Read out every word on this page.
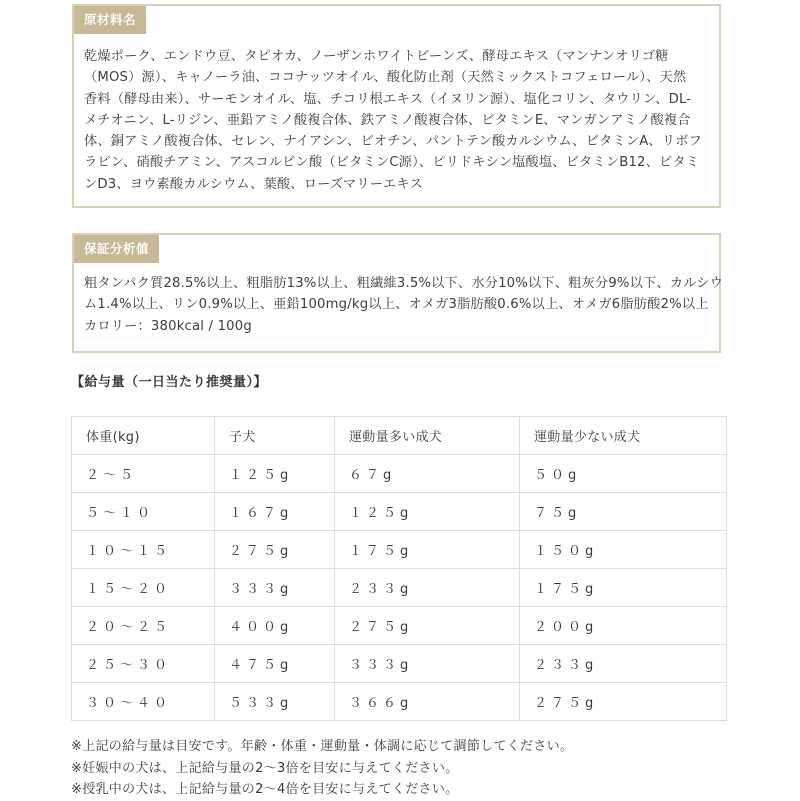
原材料名
乾燥ポーク、エンドウ豆、タピオカ、ノーザンホワイトビーンズ、酵母エキス（マンナンオリゴ糖
（MOS）源）、キャノーラ油、ココナッツオイル、酸化防止剤（天然ミックストコフェロール）、天然
香料（酵母由来）、サーモンオイル、塩、チコリ根エキス（イヌリン源）、塩化コリン、タウリン、DL-
メチオニン、L-リジン、亜鉛アミノ酸複合体、鉄アミノ酸複合体、ビタミンE、マンガンアミノ酸複合
体、銅アミノ酸複合体、セレン、ナイアシン、ビオチン、パントテン酸カルシウム、ビタミンA、リボフ
ラビン、硝酸チアミン、アスコルビン酸（ビタミンC源）、ピリドキシン塩酸塩、ビタミンB12、ビタミ
ンD3、ヨウ素酸カルシウム、葉酸、ローズマリーエキス
保証分析値
粗タンパク質28.5%以上、粗脂肪13%以上、粗繊維3.5%以下、水分10%以下、粗灰分9%以下、カルシウ
ム1.4%以上、リン0.9%以上、亜鉛100mg/kg以上、オメガ3脂肪酸0.6%以上、オメガ6脂肪酸2%以上
カロリー：380kcal / 100g
【給与量（一日当たり推奨量）】
体重(kg)	子犬	運動量多い成犬	運動量少ない成犬
２～５	１２５g	６７g	５０g
５～１０	１６７g	１２５g	７５g
１０～１５	２７５g	１７５g	１５０g
１５～２０	３３３g	２３３g	１７５g
２０～２５	４００g	２７５g	２００g
２５～３０	４７５g	３３３g	２３３g
３０～４０	５３３g	３６６g	２７５g
※上記の給与量は目安です。年齢・体重・運動量・体調に応じて調節してください。
※妊娠中の犬は、上記給与量の2～3倍を目安に与えてください。
※授乳中の犬は、上記給与量の2～4倍を目安に与えてください。
